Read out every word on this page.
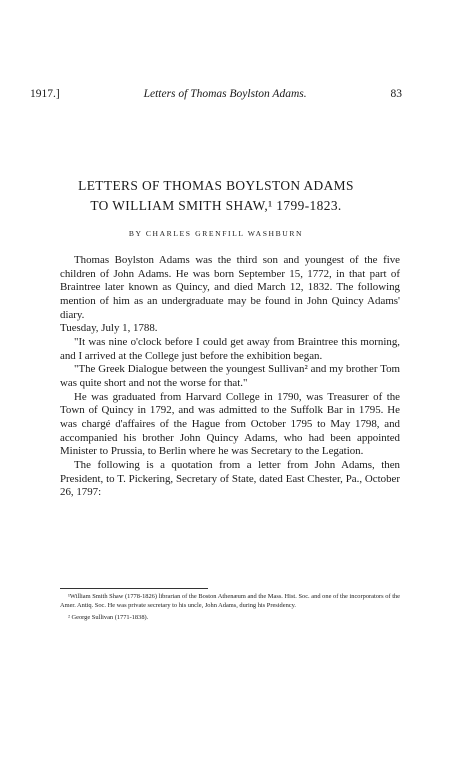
1917.]	Letters of Thomas Boylston Adams.	83
LETTERS OF THOMAS BOYLSTON ADAMS
TO WILLIAM SMITH SHAW,¹ 1799-1823.
BY CHARLES GRENFILL WASHBURN

Thomas Boylston Adams was the third son and youngest of the five children of John Adams. He was born September 15, 1772, in that part of Braintree later known as Quincy, and died March 12, 1832. The following mention of him as an undergraduate may be found in John Quincy Adams' diary.

Tuesday, July 1, 1788.

"It was nine o'clock before I could get away from Braintree this morning, and I arrived at the College just before the exhibition began.

"The Greek Dialogue between the youngest Sullivan² and my brother Tom was quite short and not the worse for that."

He was graduated from Harvard College in 1790, was Treasurer of the Town of Quincy in 1792, and was admitted to the Suffolk Bar in 1795. He was chargé d'affaires of the Hague from October 1795 to May 1798, and accompanied his brother John Quincy Adams, who had been appointed Minister to Prussia, to Berlin where he was Secretary to the Legation.

The following is a quotation from a letter from John Adams, then President, to T. Pickering, Secretary of State, dated East Chester, Pa., October 26, 1797:

¹William Smith Shaw (1778-1826) librarian of the Boston Athenæum and the Mass. Hist. Soc. and one of the incorporators of the Amer. Antiq. Soc. He was private secretary to his uncle, John Adams, during his Presidency.

² George Sullivan (1771-1838).
